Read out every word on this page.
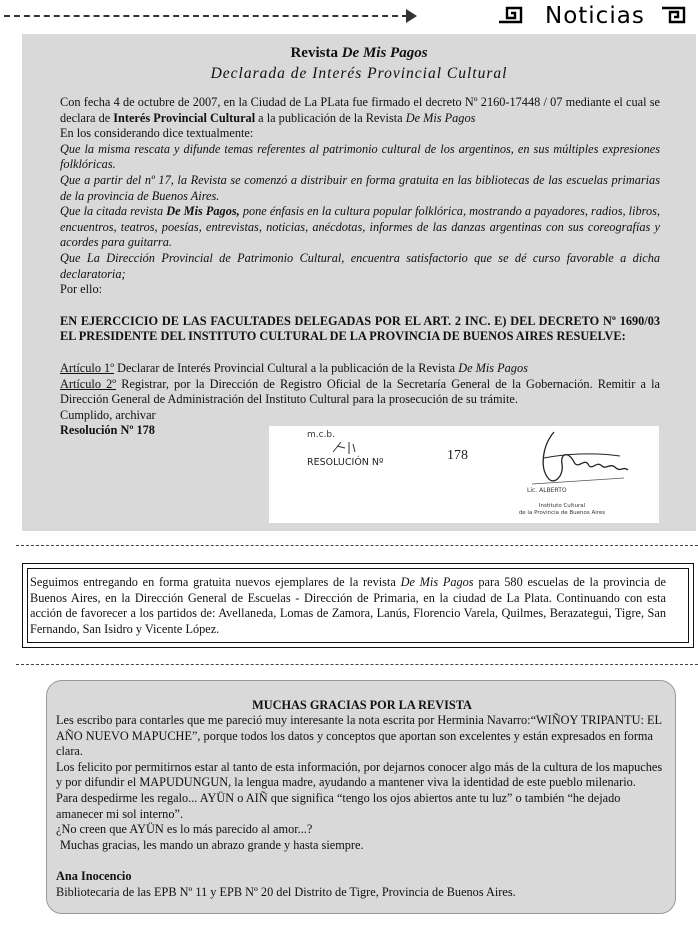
Noticias
Revista De Mis Pagos
Declarada de Interés Provincial Cultural

Con fecha 4 de octubre de 2007, en la Ciudad de La PLata fue firmado el decreto Nº 2160-17448 / 07 mediante el cual se declara de Interés Provincial Cultural a la publicación de la Revista De Mis Pagos

En los considerando dice textualmente:

Que la misma rescata y difunde temas referentes al patrimonio cultural de los argentinos, en sus múltiples expresiones folklóricas.

Que a partir del nº 17, la Revista se comenzó a distribuir en forma gratuita en las bibliotecas de las escuelas primarias de la provincia de Buenos Aires.

Que la citada revista De Mis Pagos, pone énfasis en la cultura popular folklórica, mostrando a payadores, radios, libros, encuentros, teatros, poesías, entrevistas, noticias, anécdotas, informes de las danzas argentinas con sus coreografías y acordes para guitarra.

Que La Dirección Provincial de Patrimonio Cultural, encuentra satisfactorio que se dé curso favorable a dicha declaratoria;

Por ello:

EN EJERCCICIO DE LAS FACULTADES DELEGADAS POR EL ART. 2 INC. E) DEL DECRETO Nº 1690/03 EL PRESIDENTE DEL INSTITUTO CULTURAL DE LA PROVINCIA DE BUENOS AIRES RESUELVE:

Artículo 1º Declarar de Interés Provincial Cultural a la publicación de la Revista De Mis Pagos

Artículo 2º Registrar, por la Dirección de Registro Oficial de la Secretaría General de la Gobernación. Remitir a la Dirección General de Administración del Instituto Cultural para la prosecución de su trámite.

Cumplido, archivar

Resolución Nº 178	m.c.b.
RESOLUCIÓN Nº	178
Lic. ALBERTO
Instituto Cultural
de la Provincia de Buenos Aires

Seguimos entregando en forma gratuita nuevos ejemplares de la revista De Mis Pagos para 580 escuelas de la provincia de Buenos Aires, en la Dirección General de Escuelas - Dirección de Primaria, en la ciudad de La Plata. Continuando con esta acción de favorecer a los partidos de: Avellaneda, Lomas de Zamora, Lanús, Florencio Varela, Quilmes, Berazategui, Tigre, San Fernando, San Isidro y Vicente López.

MUCHAS GRACIAS POR LA REVISTA

Les escribo para contarles que me pareció muy interesante la nota escrita por Herminia Navarro:“WIÑOY TRIPANTU: EL AÑO NUEVO MAPUCHE”, porque todos los datos y conceptos que aportan son excelentes y están expresados en forma clara.

Los felicito por permitirnos estar al tanto de esta información, por dejarnos conocer algo más de la cultura de los mapuches y por difundir el MAPUDUNGUN, la lengua madre, ayudando a mantener viva la identidad de este pueblo milenario.

Para despedirme les regalo... AYÜN o AIÑ que significa “tengo los ojos abiertos ante tu luz” o también “he dejado amanecer mi sol interno”.

¿No creen que AYÜN es lo más parecido al amor...?

Muchas gracias, les mando un abrazo grande y hasta siempre.

Ana Inocencio

Bibliotecaria de las EPB Nº 11 y EPB Nº 20 del Distrito de Tigre, Provincia de Buenos Aires.
